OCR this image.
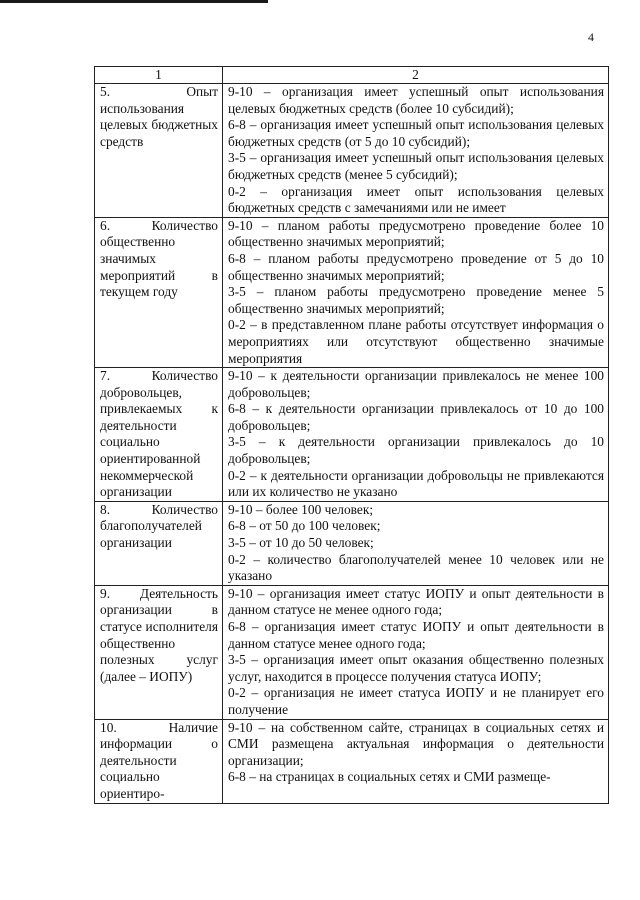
4
1	2
5. Опыт использования целевых бюджетных средств	9-10 – организация имеет успешный опыт использования целевых бюджетных средств (более 10 субсидий);
6-8 – организация имеет успешный опыт использования целевых бюджетных средств (от 5 до 10 субсидий);
3-5 – организация имеет успешный опыт использования целевых бюджетных средств (менее 5 субсидий);
0-2 – организация имеет опыт использования целевых бюджетных средств с замечаниями или не имеет

6. Количество общественно значимых мероприятий в текущем году	9-10 – планом работы предусмотрено проведение более 10 общественно значимых мероприятий;
6-8 – планом работы предусмотрено проведение от 5 до 10 общественно значимых мероприятий;
3-5 – планом работы предусмотрено проведение менее 5 общественно значимых мероприятий;
0-2 – в представленном плане работы отсутствует информация о мероприятиях или отсутствуют общественно значимые мероприятия

7. Количество добровольцев, привлекаемых к деятельности социально ориентированной некоммерческой организации	9-10 – к деятельности организации привлекалось не менее 100 добровольцев;
6-8 – к деятельности организации привлекалось от 10 до 100 добровольцев;
3-5 – к деятельности организации привлекалось до 10 добровольцев;
0-2 – к деятельности организации добровольцы не привлекаются или их количество не указано

8. Количество благополучателей организации	9-10 – более 100 человек;
6-8 – от 50 до 100 человек;
3-5 – от 10 до 50 человек;
0-2 – количество благополучателей менее 10 человек или не указано

9. Деятельность организации в статусе исполнителя общественно полезных услуг (далее – ИОПУ)	9-10 – организация имеет статус ИОПУ и опыт деятельности в данном статусе не менее одного года;
6-8 – организация имеет статус ИОПУ и опыт деятельности в данном статусе менее одного года;
3-5 – организация имеет опыт оказания общественно полезных услуг, находится в процессе получения статуса ИОПУ;
0-2 – организация не имеет статуса ИОПУ и не планирует его получение

10. Наличие информации о деятельности социально ориентиро-	9-10 – на собственном сайте, страницах в социальных сетях и СМИ размещена актуальная информация о деятельности организации;
6-8 – на страницах в социальных сетях и СМИ размеще-
